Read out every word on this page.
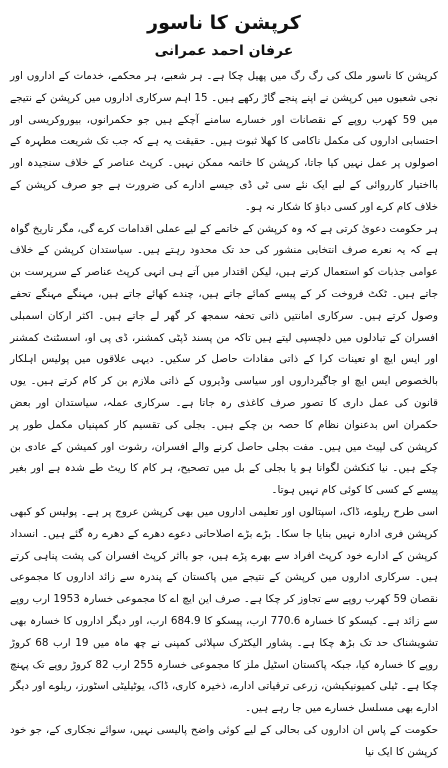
کرپشن کا ناسور
عرفان احمد عمرانی

کرپشن کا ناسور ملک کی رگ رگ میں پھیل چکا ہے۔ ہر شعبے، ہر محکمے، خدمات کے اداروں اور نجی شعبوں میں کرپشن نے اپنے پنجے گاڑ رکھے ہیں۔ 15 اہم سرکاری اداروں میں کرپشن کے نتیجے میں 59 کھرب روپے کے نقصانات اور خسارے سامنے آچکے ہیں جو حکمرانوں، بیوروکریسی اور احتسابی اداروں کی مکمل ناکامی کا کھلا ثبوت ہیں۔ حقیقت یہ ہے کہ جب تک شریعت مطہرہ کے اصولوں پر عمل نہیں کیا جاتا، کرپشن کا خاتمہ ممکن نہیں۔ کرپٹ عناصر کے خلاف سنجیدہ اور بااختیار کارروائی کے لیے ایک نئے سی ٹی ڈی جیسے ادارے کی ضرورت ہے جو صرف کرپشن کے خلاف کام کرے اور کسی دباؤ کا شکار نہ ہو۔

ہر حکومت دعویٰ کرتی ہے کہ وہ کرپشن کے خاتمے کے لیے عملی اقدامات کرے گی، مگر تاریخ گواہ ہے کہ یہ نعرے صرف انتخابی منشور کی حد تک محدود رہتے ہیں۔ سیاستدان کرپشن کے خلاف عوامی جذبات کو استعمال کرتے ہیں، لیکن اقتدار میں آتے ہی انہی کرپٹ عناصر کے سرپرست بن جاتے ہیں۔ ٹکٹ فروخت کر کے پیسے کمائے جاتے ہیں، چندے کھائے جاتے ہیں، مہنگے مہنگے تحفے وصول کرتے ہیں۔ سرکاری امانتیں ذاتی تحفہ سمجھ کر گھر لے جاتے ہیں۔ اکثر ارکان اسمبلی افسران کے تبادلوں میں دلچسپی لیتے ہیں تاکہ من پسند ڈپٹی کمشنر، ڈی پی او، اسسٹنٹ کمشنر اور ایس ایچ او تعینات کرا کے ذاتی مفادات حاصل کر سکیں۔ دیہی علاقوں میں پولیس اہلکار بالخصوص ایس ایچ او جاگیرداروں اور سیاسی وڈیروں کے ذاتی ملازم بن کر کام کرتے ہیں۔ یوں قانون کی عمل داری کا تصور صرف کاغذی رہ جاتا ہے۔ سرکاری عملہ، سیاستدان اور بعض حکمران اس بدعنوان نظام کا حصہ بن چکے ہیں۔ بجلی کی تقسیم کار کمپنیاں مکمل طور پر کرپشن کی لپیٹ میں ہیں۔ مفت بجلی حاصل کرنے والے افسران، رشوت اور کمیشن کے عادی بن چکے ہیں۔ نیا کنکشن لگوانا ہو یا بجلی کے بل میں تصحیح، ہر کام کا ریٹ طے شدہ ہے اور بغیر پیسے کے کسی کا کوئی کام نہیں ہوتا۔

اسی طرح ریلوے، ڈاک، اسپتالوں اور تعلیمی اداروں میں بھی کرپشن عروج پر ہے۔ پولیس کو کبھی کرپشن فری ادارہ نہیں بنایا جا سکا۔ بڑے بڑے اصلاحاتی دعوے دھرے کے دھرے رہ گئے ہیں۔ انسداد کرپشن کے ادارے خود کرپٹ افراد سے بھرے پڑے ہیں، جو بااثر کرپٹ افسران کی پشت پناہی کرتے ہیں۔ سرکاری اداروں میں کرپشن کے نتیجے میں پاکستان کے پندرہ سے زائد اداروں کا مجموعی نقصان 59 کھرب روپے سے تجاوز کر چکا ہے۔ صرف این ایچ اے کا مجموعی خسارہ 1953 ارب روپے سے زائد ہے۔ کیسکو کا خسارہ 770.6 ارب، پیسکو کا 684.9 ارب، اور دیگر اداروں کا خسارہ بھی تشویشناک حد تک بڑھ چکا ہے۔ پشاور الیکٹرک سپلائی کمپنی نے چھ ماہ میں 19 ارب 68 کروڑ روپے کا خسارہ کیا، جبکہ پاکستان اسٹیل ملز کا مجموعی خسارہ 255 ارب 82 کروڑ روپے تک پہنچ چکا ہے۔ ٹیلی کمیونیکیشن، زرعی ترقیاتی ادارے، ذخیرہ کاری، ڈاک، یوٹیلیٹی اسٹورز، ریلوے اور دیگر ادارے بھی مسلسل خسارے میں جا رہے ہیں۔

حکومت کے پاس ان اداروں کی بحالی کے لیے کوئی واضح پالیسی نہیں، سوائے نجکاری کے، جو خود کرپشن کا ایک نیا
